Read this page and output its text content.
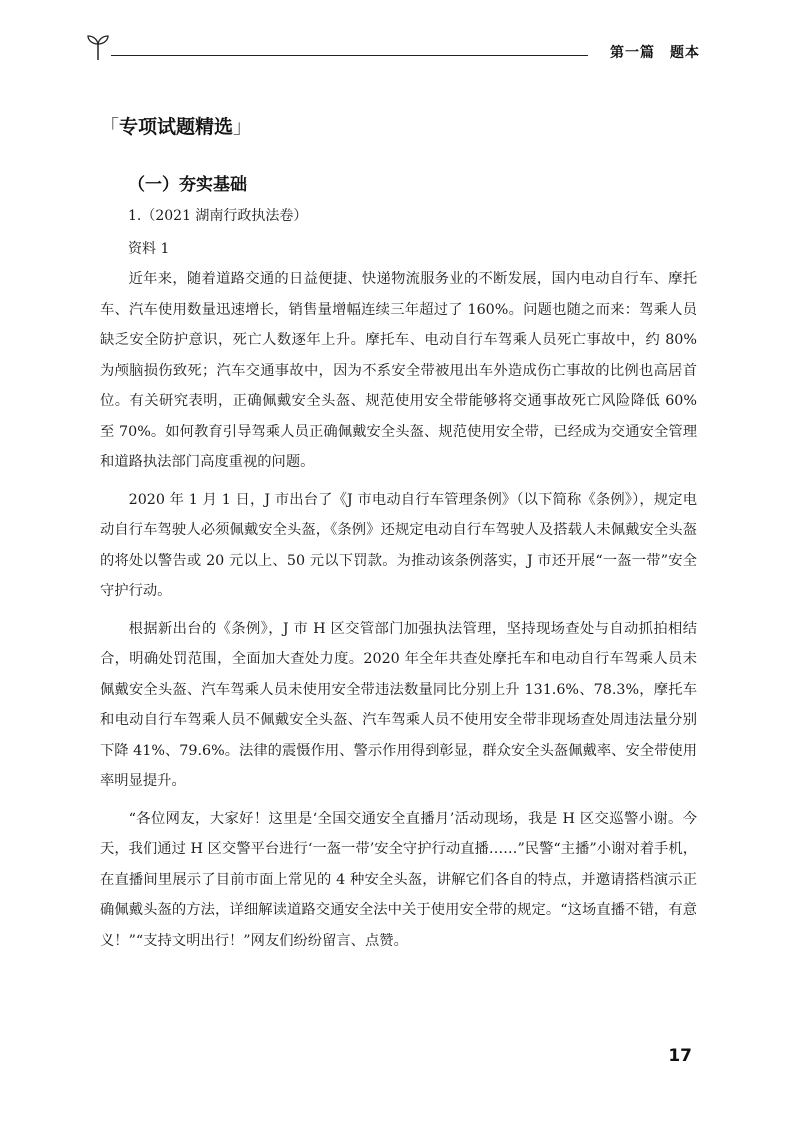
第一篇　题本
「专项试题精选」
（一）夯实基础
1.（2021 湖南行政执法卷）
资料 1

近年来，随着道路交通的日益便捷、快递物流服务业的不断发展，国内电动自行车、摩托车、汽车使用数量迅速增长，销售量增幅连续三年超过了 160%。问题也随之而来：驾乘人员缺乏安全防护意识，死亡人数逐年上升。摩托车、电动自行车驾乘人员死亡事故中，约 80% 为颅脑损伤致死；汽车交通事故中，因为不系安全带被甩出车外造成伤亡事故的比例也高居首位。有关研究表明，正确佩戴安全头盔、规范使用安全带能够将交通事故死亡风险降低 60% 至 70%。如何教育引导驾乘人员正确佩戴安全头盔、规范使用安全带，已经成为交通安全管理和道路执法部门高度重视的问题。

2020 年 1 月 1 日，J 市出台了《J 市电动自行车管理条例》（以下简称《条例》），规定电动自行车驾驶人必须佩戴安全头盔，《条例》还规定电动自行车驾驶人及搭载人未佩戴安全头盔的将处以警告或 20 元以上、50 元以下罚款。为推动该条例落实，J 市还开展“一盔一带”安全守护行动。

根据新出台的《条例》，J 市 H 区交管部门加强执法管理，坚持现场查处与自动抓拍相结合，明确处罚范围，全面加大查处力度。2020 年全年共查处摩托车和电动自行车驾乘人员未佩戴安全头盔、汽车驾乘人员未使用安全带违法数量同比分别上升 131.6%、78.3%，摩托车和电动自行车驾乘人员不佩戴安全头盔、汽车驾乘人员不使用安全带非现场查处周违法量分别下降 41%、79.6%。法律的震慑作用、警示作用得到彰显，群众安全头盔佩戴率、安全带使用率明显提升。

“各位网友，大家好！这里是‘全国交通安全直播月’活动现场，我是 H 区交巡警小谢。今天，我们通过 H 区交警平台进行‘一盔一带’安全守护行动直播……”民警“主播”小谢对着手机，在直播间里展示了目前市面上常见的 4 种安全头盔，讲解它们各自的特点，并邀请搭档演示正确佩戴头盔的方法，详细解读道路交通安全法中关于使用安全带的规定。“这场直播不错，有意义！”“支持文明出行！”网友们纷纷留言、点赞。

17
